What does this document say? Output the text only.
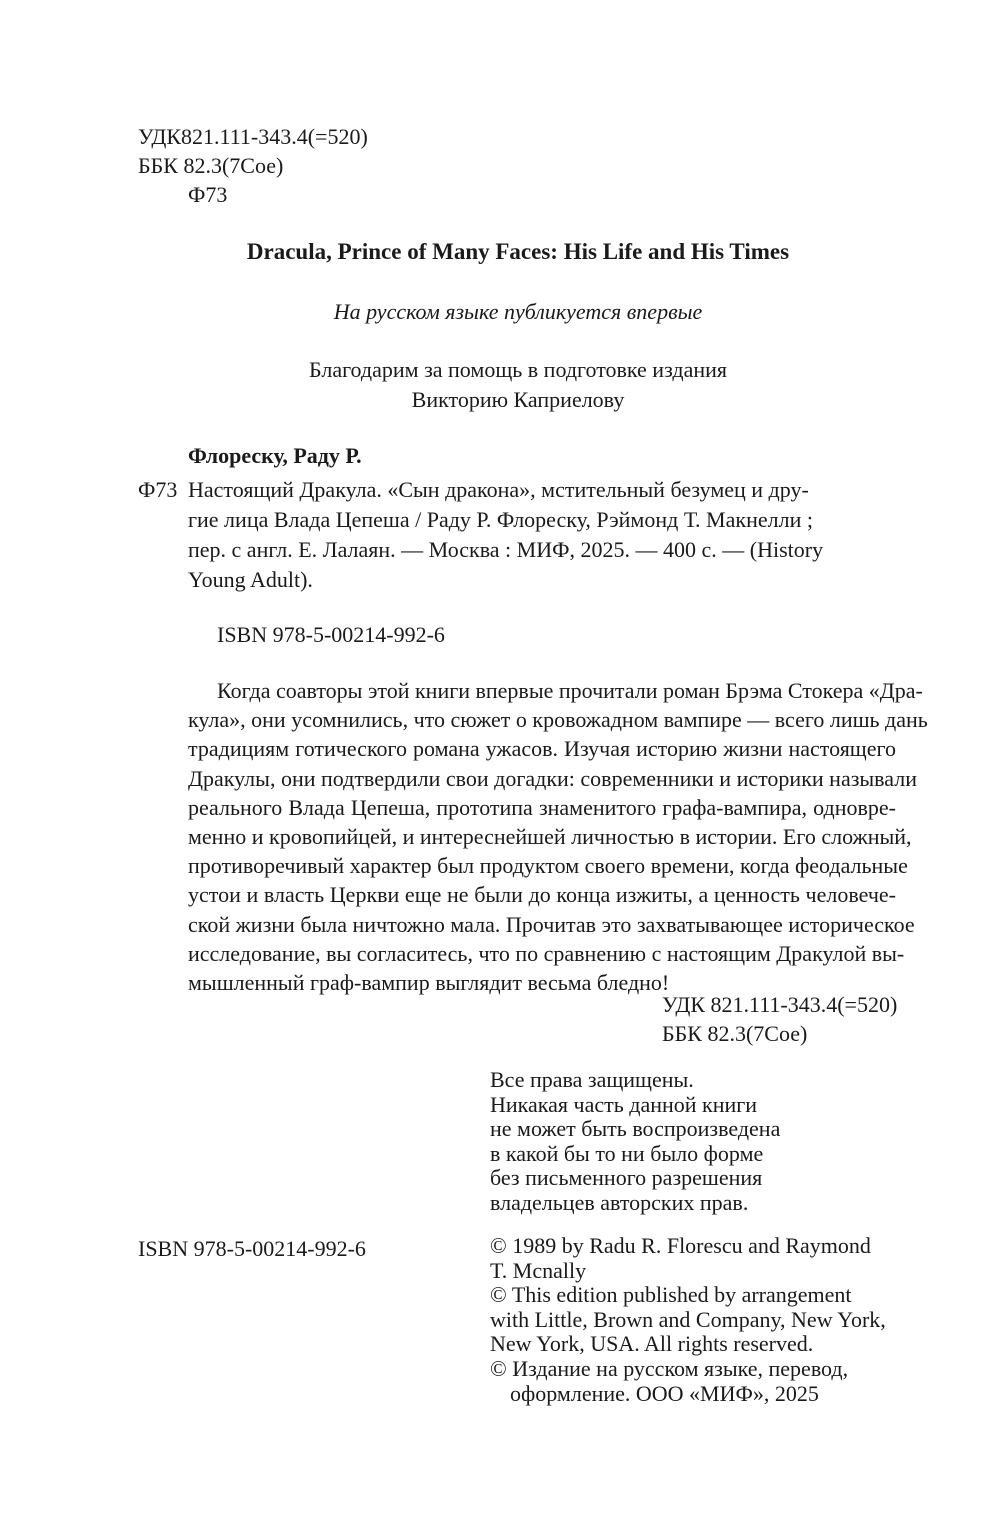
УДК821.111-343.4(=520)
ББК 82.3(7Сое)
Ф73
Dracula, Prince of Many Faces: His Life and His Times
На русском языке публикуется впервые
Благодарим за помощь в подготовке издания
Викторию Каприелову
Флореску, Раду Р.
Ф73 Настоящий Дракула. «Сын дракона», мстительный безумец и дру-
гие лица Влада Цепеша / Раду Р. Флореску, Рэймонд Т. Макнелли ;
пер. с англ. Е. Лалаян. — Москва : МИФ, 2025. — 400 с. — (History
Young Adult).
ISBN 978-5-00214-992-6
Когда соавторы этой книги впервые прочитали роман Брэма Стокера «Дра-
кула», они усомнились, что сюжет о кровожадном вампире — всего лишь дань
традициям готического романа ужасов. Изучая историю жизни настоящего
Дракулы, они подтвердили свои догадки: современники и историки называли
реального Влада Цепеша, прототипа знаменитого графа-вампира, одновре-
менно и кровопийцей, и интереснейшей личностью в истории. Его сложный,
противоречивый характер был продуктом своего времени, когда феодальные
устои и власть Церкви еще не были до конца изжиты, а ценность человече-
ской жизни была ничтожно мала. Прочитав это захватывающее историческое
исследование, вы согласитесь, что по сравнению с настоящим Дракулой вы-
мышленный граф-вампир выглядит весьма бледно!
УДК 821.111-343.4(=520)
ББК 82.3(7Сое)
Все права защищены.
Никакая часть данной книги
не может быть воспроизведена
в какой бы то ни было форме
без письменного разрешения
владельцев авторских прав.
ISBN 978-5-00214-992-6	© 1989 by Radu R. Florescu and Raymond
T. Mcnally
© This edition published by arrangement
with Little, Brown and Company, New York,
New York, USA. All rights reserved.
© Издание на русском языке, перевод,
оформление. ООО «МИФ», 2025
